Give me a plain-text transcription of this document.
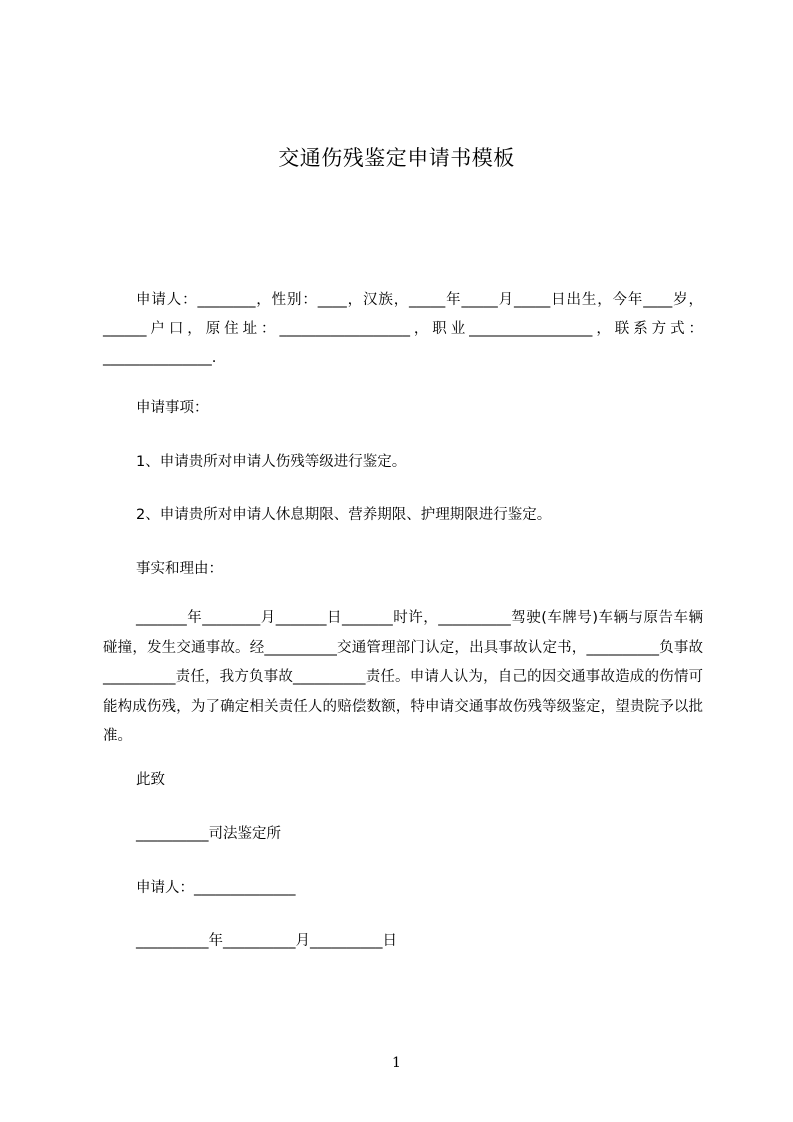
交通伤残鉴定申请书模板
申请人：________，性别：____，汉族，_____年_____月_____日出生，今年____岁，______户口，原住址：__________________，职业_________________，联系方式：_______________.
申请事项：
1、申请贵所对申请人伤残等级进行鉴定。
2、申请贵所对申请人休息期限、营养期限、护理期限进行鉴定。
事实和理由：
_______年________月_______日_______时许，__________驾驶(车牌号)车辆与原告车辆碰撞，发生交通事故。经__________交通管理部门认定，出具事故认定书，__________负事故__________责任，我方负事故__________责任。申请人认为，自己的因交通事故造成的伤情可能构成伤残，为了确定相关责任人的赔偿数额，特申请交通事故伤残等级鉴定，望贵院予以批准。
此致
__________司法鉴定所
申请人：______________
__________年__________月__________日
1
